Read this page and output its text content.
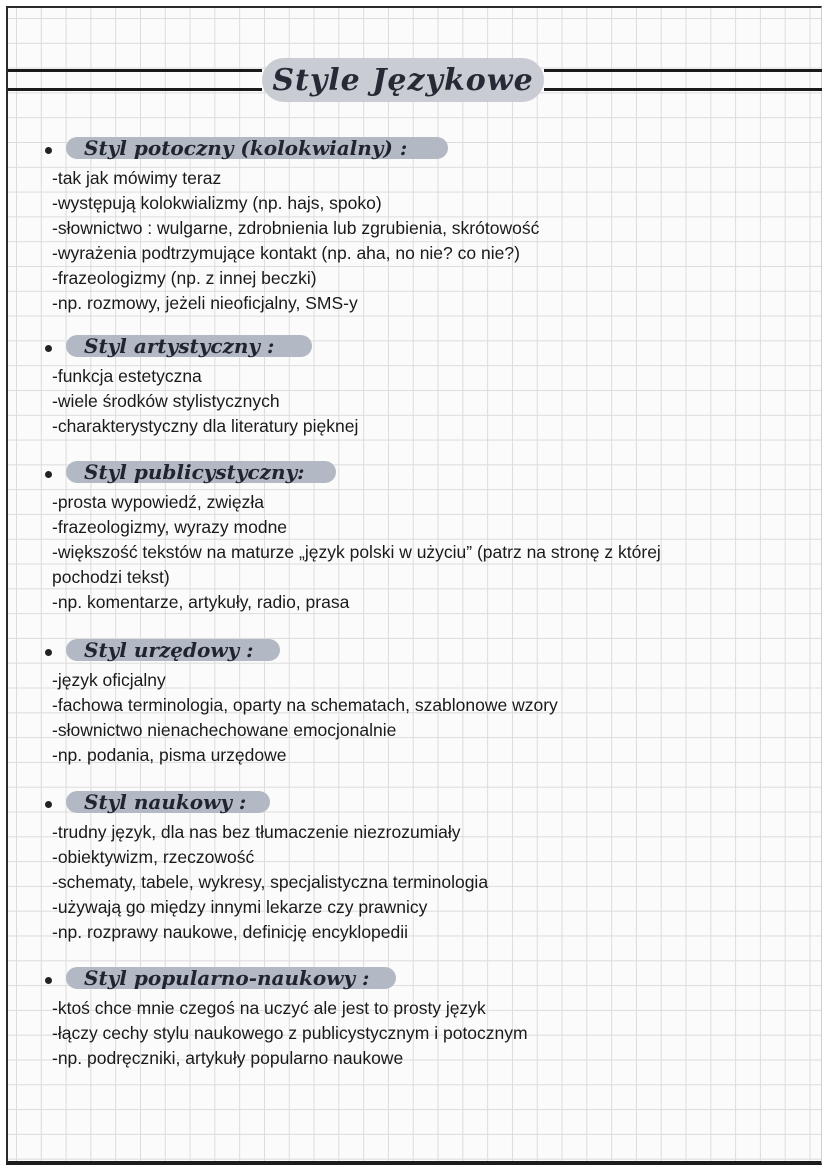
Style Językowe
Styl potoczny (kolokwialny) :
-tak jak mówimy teraz
-występują kolokwializmy (np. hajs, spoko)
-słownictwo : wulgarne, zdrobnienia lub zgrubienia, skrótowość
-wyrażenia podtrzymujące kontakt (np. aha, no nie? co nie?)
-frazeologizmy (np. z innej beczki)
-np. rozmowy, jeżeli nieoficjalny, SMS-y
Styl artystyczny :
-funkcja estetyczna
-wiele środków stylistycznych
-charakterystyczny dla literatury pięknej
Styl publicystyczny:
-prosta wypowiedź, zwięzła
-frazeologizmy, wyrazy modne
-większość tekstów na maturze „język polski w użyciu” (patrz na stronę z której
pochodzi tekst)
-np. komentarze, artykuły, radio, prasa
Styl urzędowy :
-język oficjalny
-fachowa terminologia, oparty na schematach, szablonowe wzory
-słownictwo nienachechowane emocjonalnie
-np. podania, pisma urzędowe
Styl naukowy :
-trudny język, dla nas bez tłumaczenie niezrozumiały
-obiektywizm, rzeczowość
-schematy, tabele, wykresy, specjalistyczna terminologia
-używają go między innymi lekarze czy prawnicy
-np. rozprawy naukowe, definicję encyklopedii
Styl popularno-naukowy :
-ktoś chce mnie czegoś na uczyć ale jest to prosty język
-łączy cechy stylu naukowego z publicystycznym i potocznym
-np. podręczniki, artykuły popularno naukowe
